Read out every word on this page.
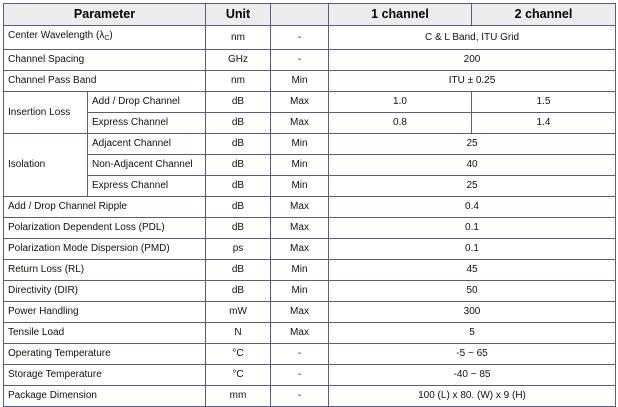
Parameter		Unit		1 channel	2 channel
Center Wavelength $(\lambda_C)$		nm	-	C & L Band, ITU Grid	
Channel Spacing		GHz	-	200	
Channel Pass Band		nm	Min	ITU ± 0.25	
Insertion Loss	Add / Drop Channel	dB	Max	1.0	1.5
	Express Channel	dB	Max	0.8	1.4
Isolation	Adjacent Channel	dB	Min	25	
	Non-Adjacent Channel	dB	Min	40	
	Express Channel	dB	Min	25	
Add / Drop Channel Ripple		dB	Max	0.4	
Polarization Dependent Loss (PDL)		dB	Max	0.1	
Polarization Mode Dispersion (PMD)		ps	Max	0.1	
Return Loss (RL)		dB	Min	45	
Directivity (DIR)		dB	Min	50	
Power Handling		mW	Max	300	
Tensile Load		N	Max	5	
Operating Temperature		°C	-	-5 ~ 65	
Storage Temperature		°C	-	-40 ~ 85	
Package Dimension		mm	-	100 (L) x 80. (W) x 9 (H)	
